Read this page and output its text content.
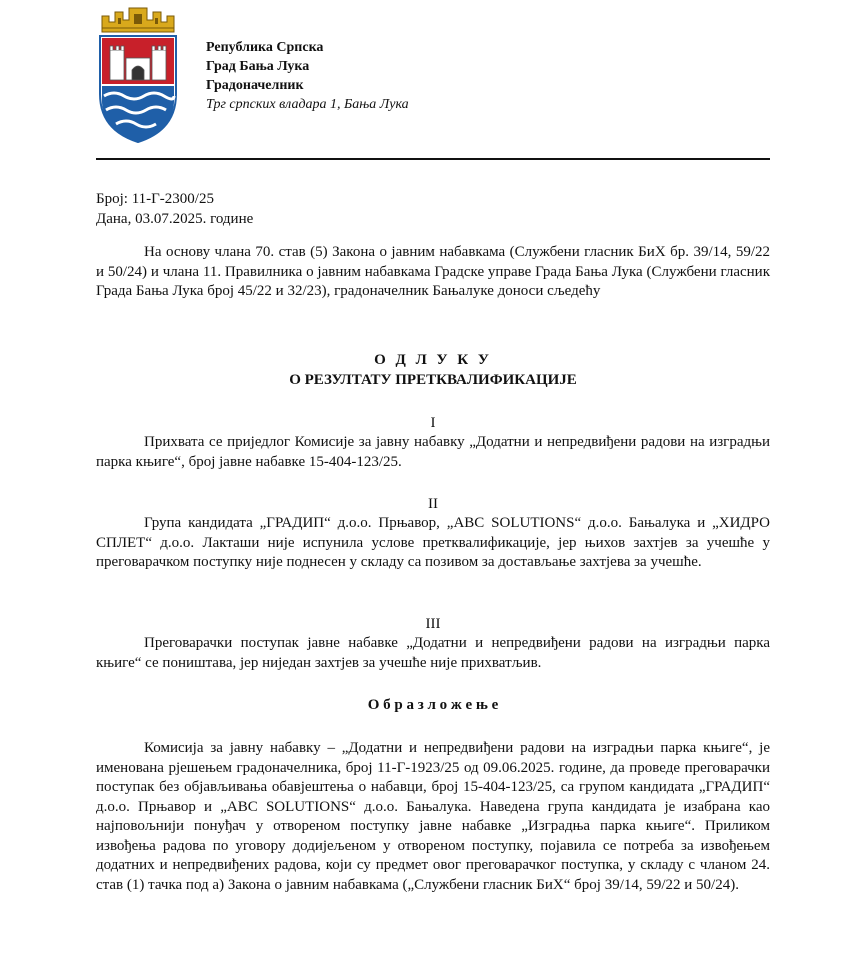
Република Српска
Град Бања Лука
Градоначелник
Трг српских владара 1, Бања Лука
Број: 11-Г-2300/25
Дана, 03.07.2025. године
На основу члана 70. став (5) Закона о јавним набавкама (Службени гласник БиХ бр. 39/14, 59/22 и 50/24) и члана 11. Правилника о јавним набавкама Градске управе Града Бања Лука (Службени гласник Града Бања Лука број 45/22 и 32/23), градоначелник Бањалуке доноси сљедећу
О Д Л У К У
О РЕЗУЛТАТУ ПРЕТКВАЛИФИКАЦИЈЕ
I
Прихвата се приједлог Комисије за јавну набавку „Додатни и непредвиђени радови на изградњи парка књиге“, број јавне набавке 15-404-123/25.
II
Група кандидата „ГРАДИП“ д.о.о. Прњавор, „ABC SOLUTIONS“ д.о.о. Бањалука и „ХИДРО СПЛЕТ“ д.о.о. Лакташи није испунила услове претквалификације, јер њихов захтјев за учешће у преговарачком поступку није поднесен у складу са позивом за достављање захтјева за учешће.
III
Преговарачки поступак јавне набавке „Додатни и непредвиђени радови на изградњи парка књиге“ се поништава, јер ниједан захтјев за учешће није прихватљив.
О б р а з л о ж е њ е
Комисија за јавну набавку – „Додатни и непредвиђени радови на изградњи парка књиге“, је именована рјешењем градоначелника, број 11-Г-1923/25 од 09.06.2025. године, да проведе преговарачки поступак без објављивања обавјештења о набавци, број 15-404-123/25, са групом кандидата „ГРАДИП“ д.о.о. Прњавор и „ABC SOLUTIONS“ д.о.о. Бањалука. Наведена група кандидата је изабрана као најповољнији понуђач у отвореном поступку јавне набавке „Изградња парка књиге“. Приликом извођења радова по уговору додијељеном у отвореном поступку, појавила се потреба за извођењем додатних и непредвиђених радова, који су предмет овог преговарачког поступка, у складу с чланом 24. став (1) тачка под а) Закона о јавним набавкама („Службени гласник БиХ“ број 39/14, 59/22 и 50/24).
